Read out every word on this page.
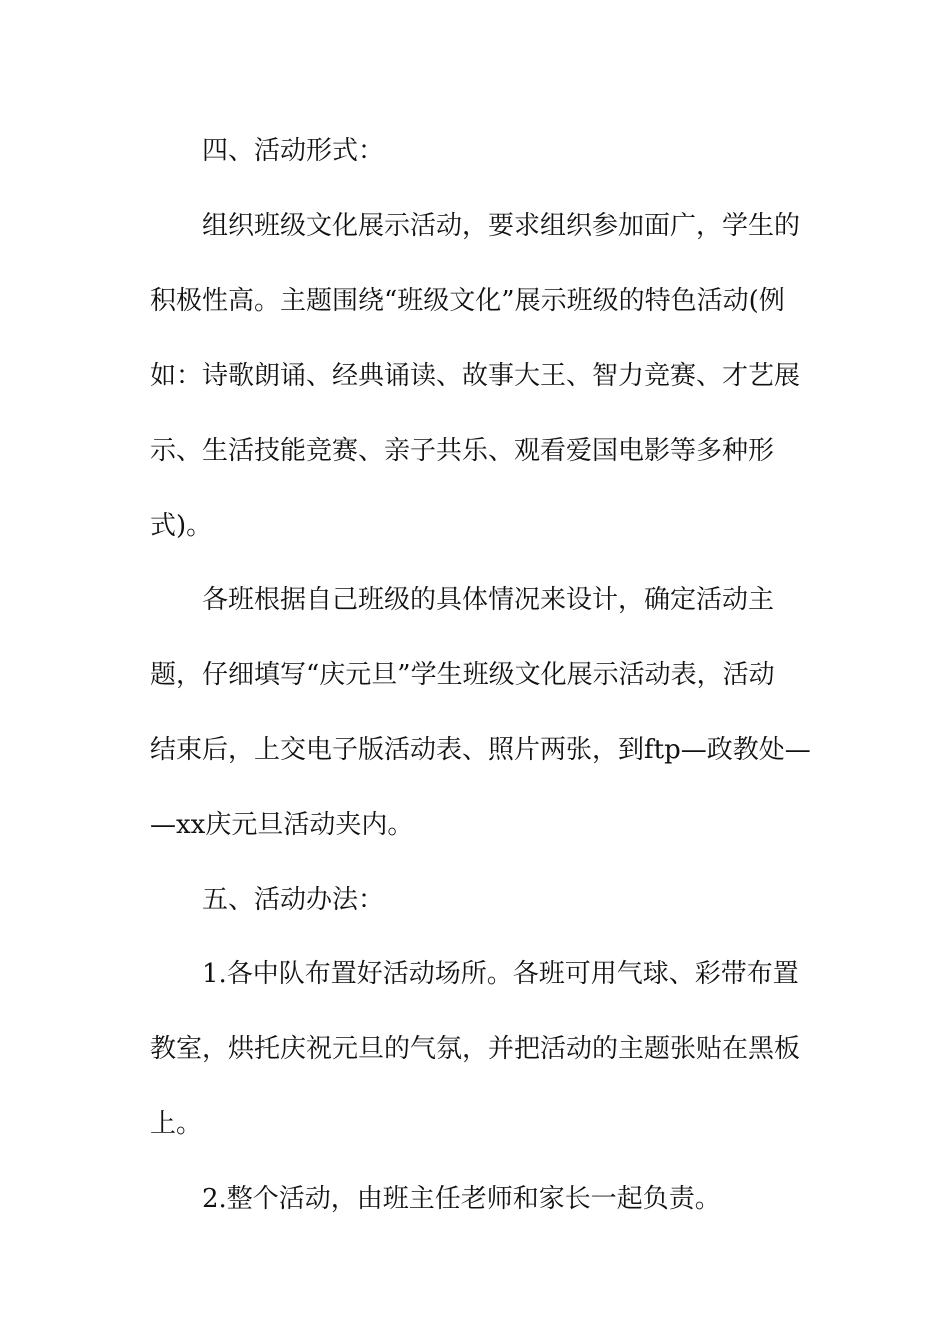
四、活动形式：
组织班级文化展示活动，要求组织参加面广，学生的
积极性高。主题围绕“班级文化”展示班级的特色活动(例
如：诗歌朗诵、经典诵读、故事大王、智力竞赛、才艺展
示、生活技能竞赛、亲子共乐、观看爱国电影等多种形
式)。
各班根据自己班级的具体情况来设计，确定活动主
题，仔细填写“庆元旦”学生班级文化展示活动表，活动
结束后，上交电子版活动表、照片两张，到ftp—政教处—
—xx庆元旦活动夹内。
五、活动办法：
1.各中队布置好活动场所。各班可用气球、彩带布置
教室，烘托庆祝元旦的气氛，并把活动的主题张贴在黑板
上。
2.整个活动，由班主任老师和家长一起负责。
